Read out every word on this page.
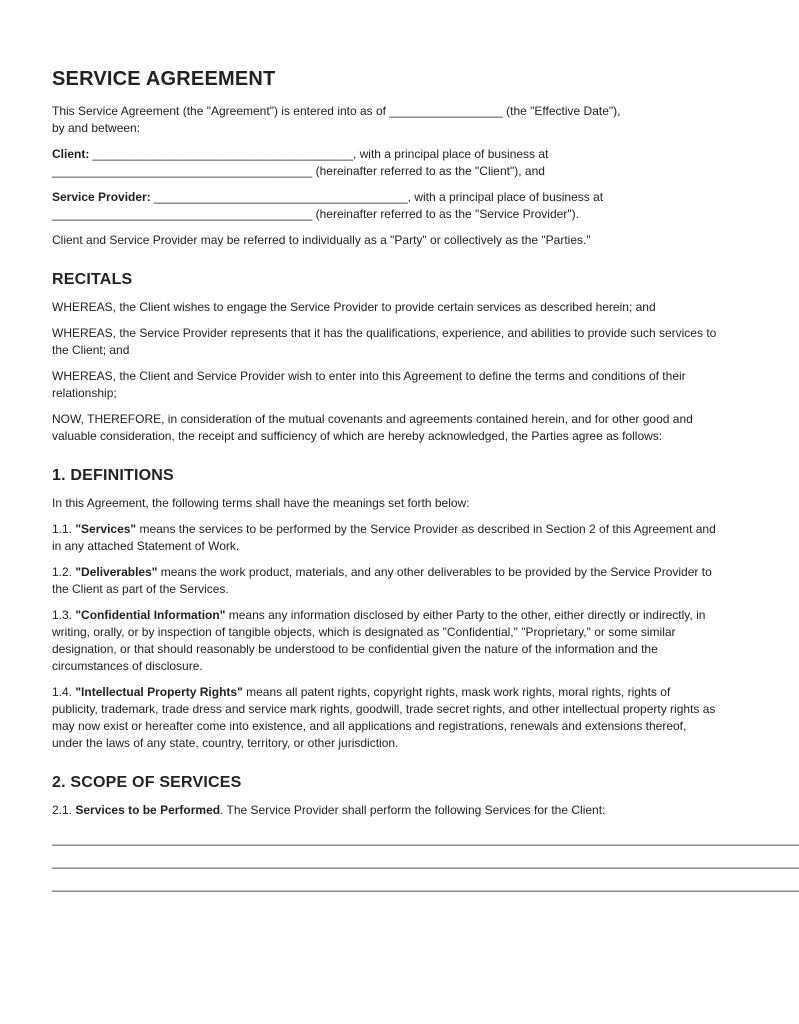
SERVICE AGREEMENT

This Service Agreement (the "Agreement") is entered into as of _________________ (the "Effective Date"),
by and between:

Client: _______________________________________, with a principal place of business at
_______________________________________ (hereinafter referred to as the "Client"), and

Service Provider: ______________________________________, with a principal place of business at
_______________________________________ (hereinafter referred to as the "Service Provider").

Client and Service Provider may be referred to individually as a "Party" or collectively as the "Parties."

RECITALS

WHEREAS, the Client wishes to engage the Service Provider to provide certain services as described herein; and

WHEREAS, the Service Provider represents that it has the qualifications, experience, and abilities to provide such services to the Client; and

WHEREAS, the Client and Service Provider wish to enter into this Agreement to define the terms and conditions of their relationship;

NOW, THEREFORE, in consideration of the mutual covenants and agreements contained herein, and for other good and valuable consideration, the receipt and sufficiency of which are hereby acknowledged, the Parties agree as follows:

1. DEFINITIONS

In this Agreement, the following terms shall have the meanings set forth below:

1.1. "Services" means the services to be performed by the Service Provider as described in Section 2 of this Agreement and in any attached Statement of Work.

1.2. "Deliverables" means the work product, materials, and any other deliverables to be provided by the Service Provider to the Client as part of the Services.

1.3. "Confidential Information" means any information disclosed by either Party to the other, either directly or indirectly, in writing, orally, or by inspection of tangible objects, which is designated as "Confidential," "Proprietary," or some similar designation, or that should reasonably be understood to be confidential given the nature of the information and the circumstances of disclosure.

1.4. "Intellectual Property Rights" means all patent rights, copyright rights, mask work rights, moral rights, rights of publicity, trademark, trade dress and service mark rights, goodwill, trade secret rights, and other intellectual property rights as may now exist or hereafter come into existence, and all applications and registrations, renewals and extensions thereof, under the laws of any state, country, territory, or other jurisdiction.

2. SCOPE OF SERVICES

2.1. Services to be Performed. The Service Provider shall perform the following Services for the Client:

________________________________________________________________________________________________________________
________________________________________________________________________________________________________________
________________________________________________________________________________________________________________
